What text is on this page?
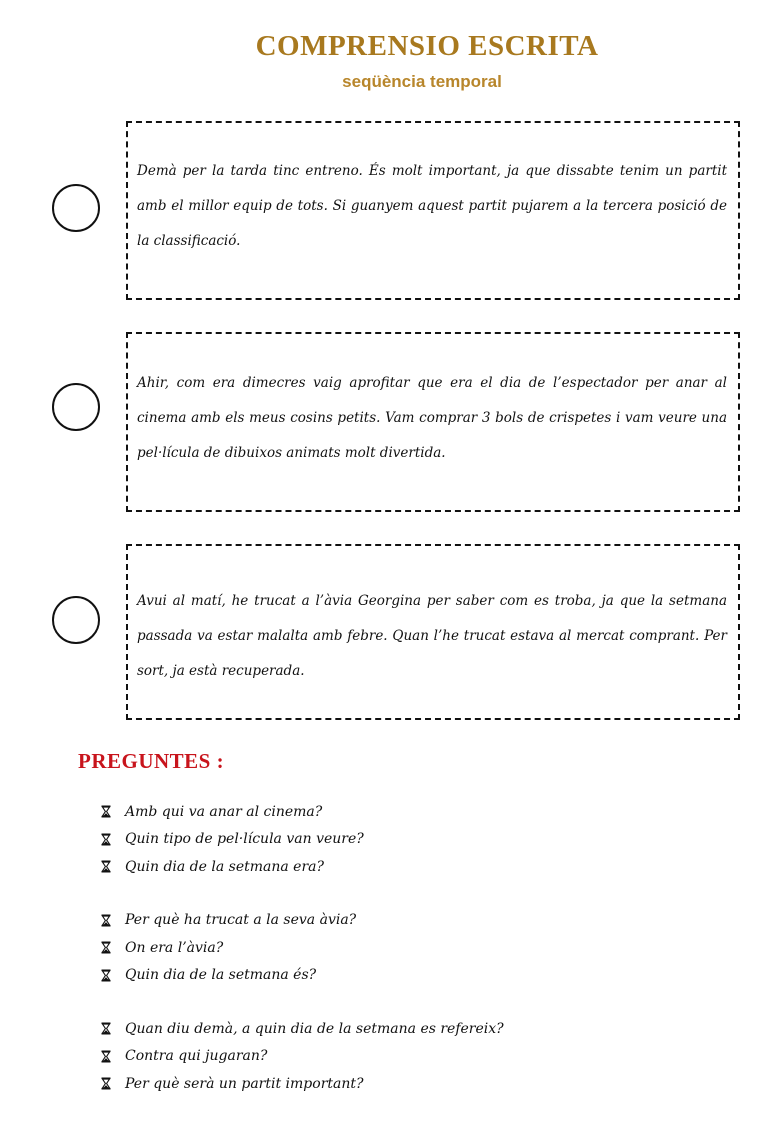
COMPRENSIO ESCRITA
seqüència temporal

Demà per la tarda tinc entreno. És molt important, ja que dissabte tenim un partit amb el millor equip de tots. Si guanyem aquest partit pujarem a la tercera posició de la classificació.

Ahir, com era dimecres vaig aprofitar que era el dia de l’espectador per anar al cinema amb els meus cosins petits. Vam comprar 3 bols de crispetes i vam veure una pel·lícula de dibuixos animats molt divertida.

Avui al matí, he trucat a l’àvia Georgina per saber com es troba, ja que la setmana passada va estar malalta amb febre. Quan l’he trucat estava al mercat comprant. Per sort, ja està recuperada.

PREGUNTES :
Amb qui va anar al cinema?
Quin tipo de pel·lícula van veure?
Quin dia de la setmana era?
Per què ha trucat a la seva àvia?
On era l’àvia?
Quin dia de la setmana és?
Quan diu demà, a quin dia de la setmana es refereix?
Contra qui jugaran?
Per què serà un partit important?
